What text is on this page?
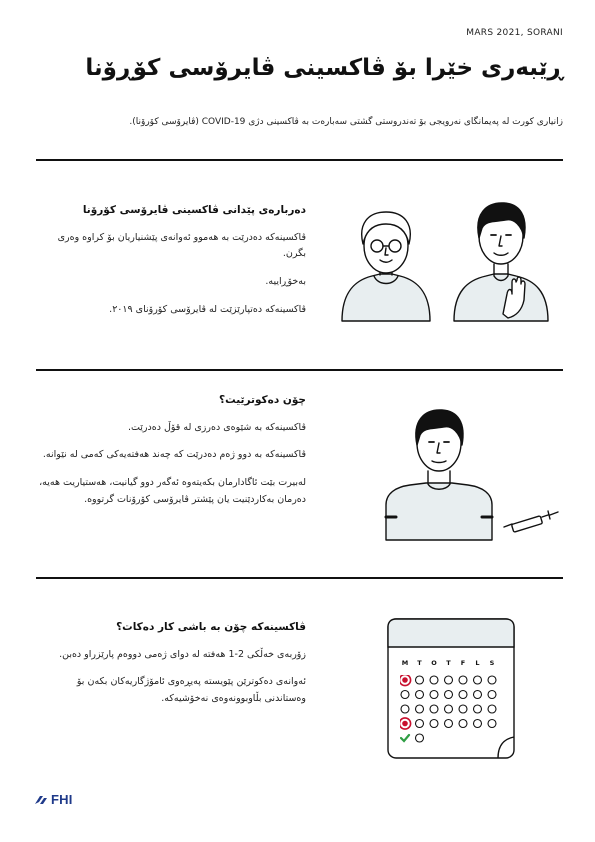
MARS 2021, SORANI
ڕێبەری خێرا بۆ ڤاکسینی ڤایرۆسی کۆڕۆنا

زانیاری کورت لە پەیمانگای نەرویجی بۆ تەندروستی گشتی سەبارەت بە ڤاکسینی دژی COVID-19 (ڤایرۆسی کۆرۆنا).

دەربارەی پێدانی ڤاکسینی ڤایرۆسی کۆرۆنا

ڤاکسینەکە دەدرێت بە هەموو ئەوانەی پێشنیاریان بۆ کراوە وەری بگرن.

بەخۆڕاییە.

ڤاکسینەکە دەتپارێزێت لە ڤایرۆسی کۆرۆنای ٢٠١٩.

چۆن دەکوترێیت؟

ڤاکسینەکە بە شێوەی دەرزی لە قۆڵ دەدرێت.

ڤاکسینەکە بە دوو ژەم دەدرێت کە چەند هەفتەیەکی کەمی لە نێوانە.

لەبیرت بێت ئاگادارمان بکەیتەوە ئەگەر دوو گیانیت، هەستیاریت هەیە، دەرمان بەکاردێنیت یان پێشتر ڤایرۆسی کۆرۆنات گرتووە.

ڤاکسینەکە چۆن بە باشی کار دەکات؟

زۆربەی خەڵکی 2-1 هەفتە لە دوای ژەمی دووەم پارێزراو دەبن.

ئەوانەی دەکوترێن پێویستە پەیڕەوی ئامۆژگاریەکان بکەن بۆ وەستاندنی بڵاوبوونەوەی نەخۆشیەکە.

M	T	O	T	F	L	S
FHI
